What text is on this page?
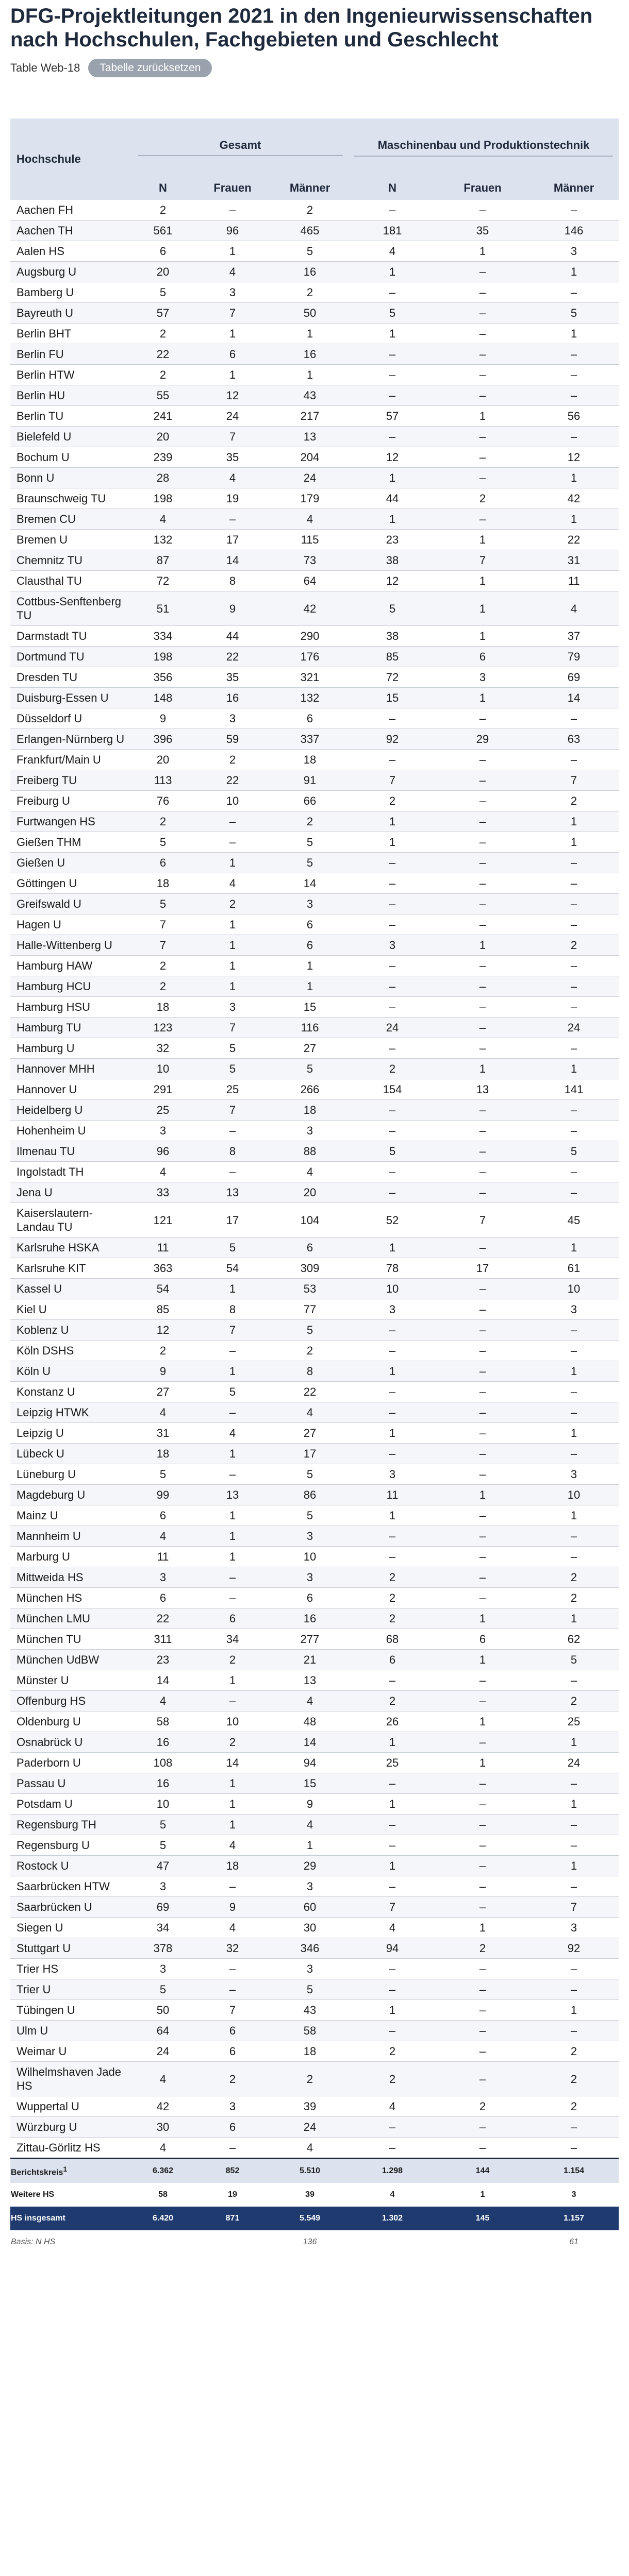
DFG-Projektleitungen 2021 in den Ingenieurwissenschaften nach Hochschulen, Fachgebieten und Geschlecht
Table Web-18	Tabelle zurücksetzen
Hochschule	Gesamt			Maschinenbau und Produktionstechnik		

	N	Frauen	Männer	N	Frauen	Männer
Aachen FH	2	–	2	–	–	–
Aachen TH	561	96	465	181	35	146
Aalen HS	6	1	5	4	1	3
Augsburg U	20	4	16	1	–	1
Bamberg U	5	3	2	–	–	–
Bayreuth U	57	7	50	5	–	5
Berlin BHT	2	1	1	1	–	1
Berlin FU	22	6	16	–	–	–
Berlin HTW	2	1	1	–	–	–
Berlin HU	55	12	43	–	–	–
Berlin TU	241	24	217	57	1	56
Bielefeld U	20	7	13	–	–	–
Bochum U	239	35	204	12	–	12
Bonn U	28	4	24	1	–	1
Braunschweig TU	198	19	179	44	2	42
Bremen CU	4	–	4	1	–	1
Bremen U	132	17	115	23	1	22
Chemnitz TU	87	14	73	38	7	31
Clausthal TU	72	8	64	12	1	11
Cottbus-Senftenberg TU	51	9	42	5	1	4
Darmstadt TU	334	44	290	38	1	37
Dortmund TU	198	22	176	85	6	79
Dresden TU	356	35	321	72	3	69
Duisburg-Essen U	148	16	132	15	1	14
Düsseldorf U	9	3	6	–	–	–
Erlangen-Nürnberg U	396	59	337	92	29	63
Frankfurt/Main U	20	2	18	–	–	–
Freiberg TU	113	22	91	7	–	7
Freiburg U	76	10	66	2	–	2
Furtwangen HS	2	–	2	1	–	1
Gießen THM	5	–	5	1	–	1
Gießen U	6	1	5	–	–	–
Göttingen U	18	4	14	–	–	–
Greifswald U	5	2	3	–	–	–
Hagen U	7	1	6	–	–	–
Halle-Wittenberg U	7	1	6	3	1	2
Hamburg HAW	2	1	1	–	–	–
Hamburg HCU	2	1	1	–	–	–
Hamburg HSU	18	3	15	–	–	–
Hamburg TU	123	7	116	24	–	24
Hamburg U	32	5	27	–	–	–
Hannover MHH	10	5	5	2	1	1
Hannover U	291	25	266	154	13	141
Heidelberg U	25	7	18	–	–	–
Hohenheim U	3	–	3	–	–	–
Ilmenau TU	96	8	88	5	–	5
Ingolstadt TH	4	–	4	–	–	–
Jena U	33	13	20	–	–	–
Kaiserslautern-Landau TU	121	17	104	52	7	45
Karlsruhe HSKA	11	5	6	1	–	1
Karlsruhe KIT	363	54	309	78	17	61
Kassel U	54	1	53	10	–	10
Kiel U	85	8	77	3	–	3
Koblenz U	12	7	5	–	–	–
Köln DSHS	2	–	2	–	–	–
Köln U	9	1	8	1	–	1
Konstanz U	27	5	22	–	–	–
Leipzig HTWK	4	–	4	–	–	–
Leipzig U	31	4	27	1	–	1
Lübeck U	18	1	17	–	–	–
Lüneburg U	5	–	5	3	–	3
Magdeburg U	99	13	86	11	1	10
Mainz U	6	1	5	1	–	1
Mannheim U	4	1	3	–	–	–
Marburg U	11	1	10	–	–	–
Mittweida HS	3	–	3	2	–	2
München HS	6	–	6	2	–	2
München LMU	22	6	16	2	1	1
München TU	311	34	277	68	6	62
München UdBW	23	2	21	6	1	5
Münster U	14	1	13	–	–	–
Offenburg HS	4	–	4	2	–	2
Oldenburg U	58	10	48	26	1	25
Osnabrück U	16	2	14	1	–	1
Paderborn U	108	14	94	25	1	24
Passau U	16	1	15	–	–	–
Potsdam U	10	1	9	1	–	1
Regensburg TH	5	1	4	–	–	–
Regensburg U	5	4	1	–	–	–
Rostock U	47	18	29	1	–	1
Saarbrücken HTW	3	–	3	–	–	–
Saarbrücken U	69	9	60	7	–	7
Siegen U	34	4	30	4	1	3
Stuttgart U	378	32	346	94	2	92
Trier HS	3	–	3	–	–	–
Trier U	5	–	5	–	–	–
Tübingen U	50	7	43	1	–	1
Ulm U	64	6	58	–	–	–
Weimar U	24	6	18	2	–	2
Wilhelmshaven Jade HS	4	2	2	2	–	2
Wuppertal U	42	3	39	4	2	2
Würzburg U	30	6	24	–	–	–
Zittau-Görlitz HS	4	–	4	–	–	–
Berichtskreis$^1$	6.362	852	5.510	1.298	144	1.154
Weitere HS	58	19	39	4	1	3
HS insgesamt	6.420	871	5.549	1.302	145	1.157
Basis: N HS			136			61
